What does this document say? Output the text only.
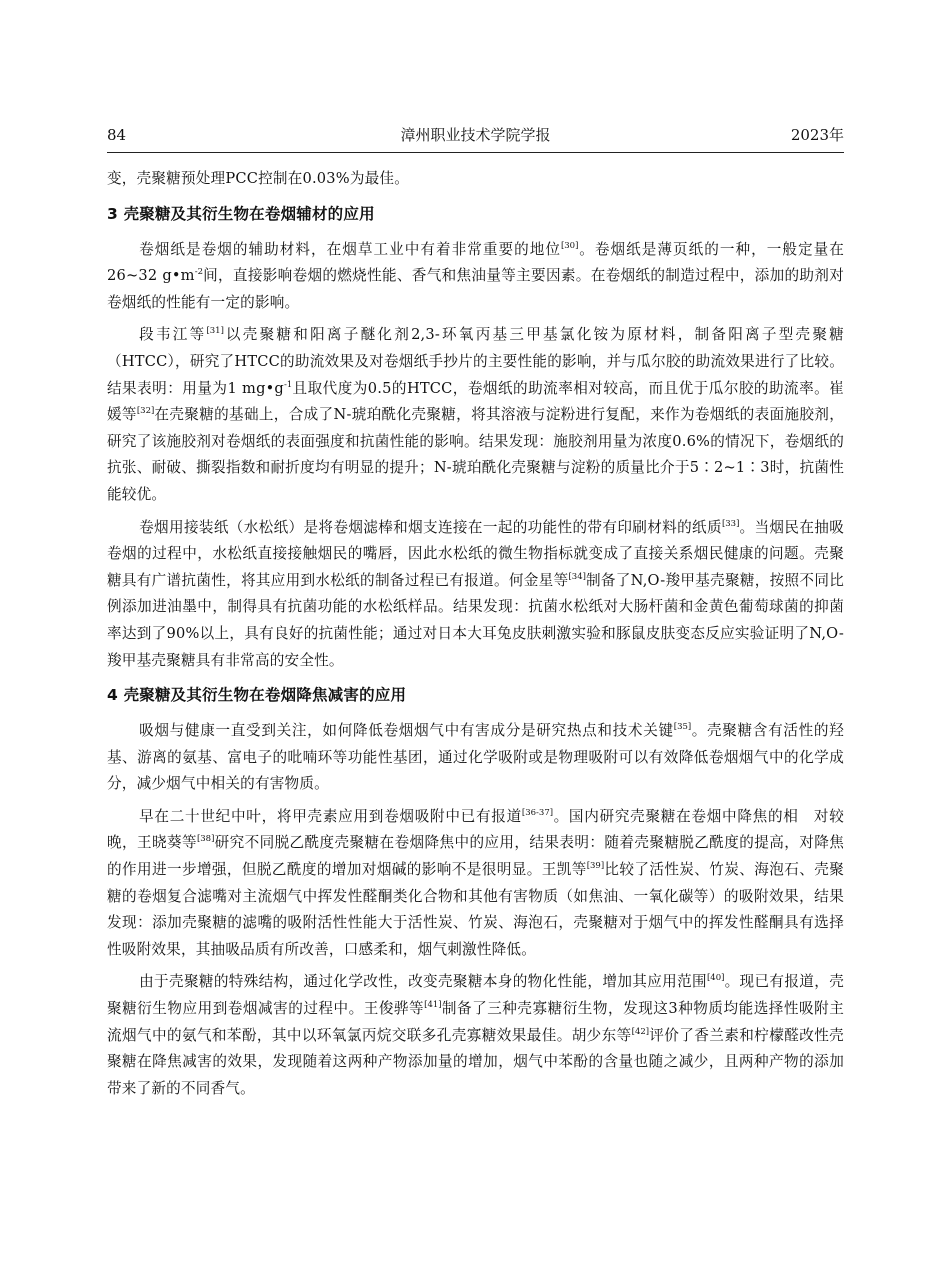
84	漳州职业技术学院学报	2023年

变，壳聚糖预处理PCC控制在0.03%为最佳。

3 壳聚糖及其衍生物在卷烟辅材的应用

卷烟纸是卷烟的辅助材料，在烟草工业中有着非常重要的地位[30]。卷烟纸是薄页纸的一种，一般定量在26~32 g•m$^{-2}$间，直接影响卷烟的燃烧性能、香气和焦油量等主要因素。在卷烟纸的制造过程中，添加的助剂对卷烟纸的性能有一定的影响。

段韦江等[31]以壳聚糖和阳离子醚化剂2,3-环氧丙基三甲基氯化铵为原材料，制备阳离子型壳聚糖（HTCC），研究了HTCC的助流效果及对卷烟纸手抄片的主要性能的影响，并与瓜尔胶的助流效果进行了比较。结果表明：用量为1 mg•g$^{-1}$且取代度为0.5的HTCC，卷烟纸的助流率相对较高，而且优于瓜尔胶的助流率。崔媛等[32]在壳聚糖的基础上，合成了N-琥珀酰化壳聚糖，将其溶液与淀粉进行复配，来作为卷烟纸的表面施胶剂，研究了该施胶剂对卷烟纸的表面强度和抗菌性能的影响。结果发现：施胶剂用量为浓度0.6%的情况下，卷烟纸的抗张、耐破、撕裂指数和耐折度均有明显的提升；N-琥珀酰化壳聚糖与淀粉的质量比介于5∶2~1∶3时，抗菌性能较优。

卷烟用接装纸（水松纸）是将卷烟滤棒和烟支连接在一起的功能性的带有印刷材料的纸质[33]。当烟民在抽吸卷烟的过程中，水松纸直接接触烟民的嘴唇，因此水松纸的微生物指标就变成了直接关系烟民健康的问题。壳聚糖具有广谱抗菌性，将其应用到水松纸的制备过程已有报道。何金星等[34]制备了N,O-羧甲基壳聚糖，按照不同比例添加进油墨中，制得具有抗菌功能的水松纸样品。结果发现：抗菌水松纸对大肠杆菌和金黄色葡萄球菌的抑菌率达到了90%以上，具有良好的抗菌性能；通过对日本大耳兔皮肤刺激实验和豚鼠皮肤变态反应实验证明了N,O-羧甲基壳聚糖具有非常高的安全性。

4 壳聚糖及其衍生物在卷烟降焦减害的应用

吸烟与健康一直受到关注，如何降低卷烟烟气中有害成分是研究热点和技术关键[35]。壳聚糖含有活性的羟基、游离的氨基、富电子的吡喃环等功能性基团，通过化学吸附或是物理吸附可以有效降低卷烟烟气中的化学成分，减少烟气中相关的有害物质。

早在二十世纪中叶，将甲壳素应用到卷烟吸附中已有报道[36-37]。国内研究壳聚糖在卷烟中降焦的相　对较晚，王晓葵等[38]研究不同脱乙酰度壳聚糖在卷烟降焦中的应用，结果表明：随着壳聚糖脱乙酰度的提高，对降焦的作用进一步增强，但脱乙酰度的增加对烟碱的影响不是很明显。王凯等[39]比较了活性炭、竹炭、海泡石、壳聚糖的卷烟复合滤嘴对主流烟气中挥发性醛酮类化合物和其他有害物质（如焦油、一氧化碳等）的吸附效果，结果发现：添加壳聚糖的滤嘴的吸附活性性能大于活性炭、竹炭、海泡石，壳聚糖对于烟气中的挥发性醛酮具有选择性吸附效果，其抽吸品质有所改善，口感柔和，烟气刺激性降低。

由于壳聚糖的特殊结构，通过化学改性，改变壳聚糖本身的物化性能，增加其应用范围[40]。现已有报道，壳聚糖衍生物应用到卷烟减害的过程中。王俊骅等[41]制备了三种壳寡糖衍生物，发现这3种物质均能选择性吸附主流烟气中的氨气和苯酚，其中以环氧氯丙烷交联多孔壳寡糖效果最佳。胡少东等[42]评价了香兰素和柠檬醛改性壳聚糖在降焦减害的效果，发现随着这两种产物添加量的增加，烟气中苯酚的含量也随之减少，且两种产物的添加带来了新的不同香气。
